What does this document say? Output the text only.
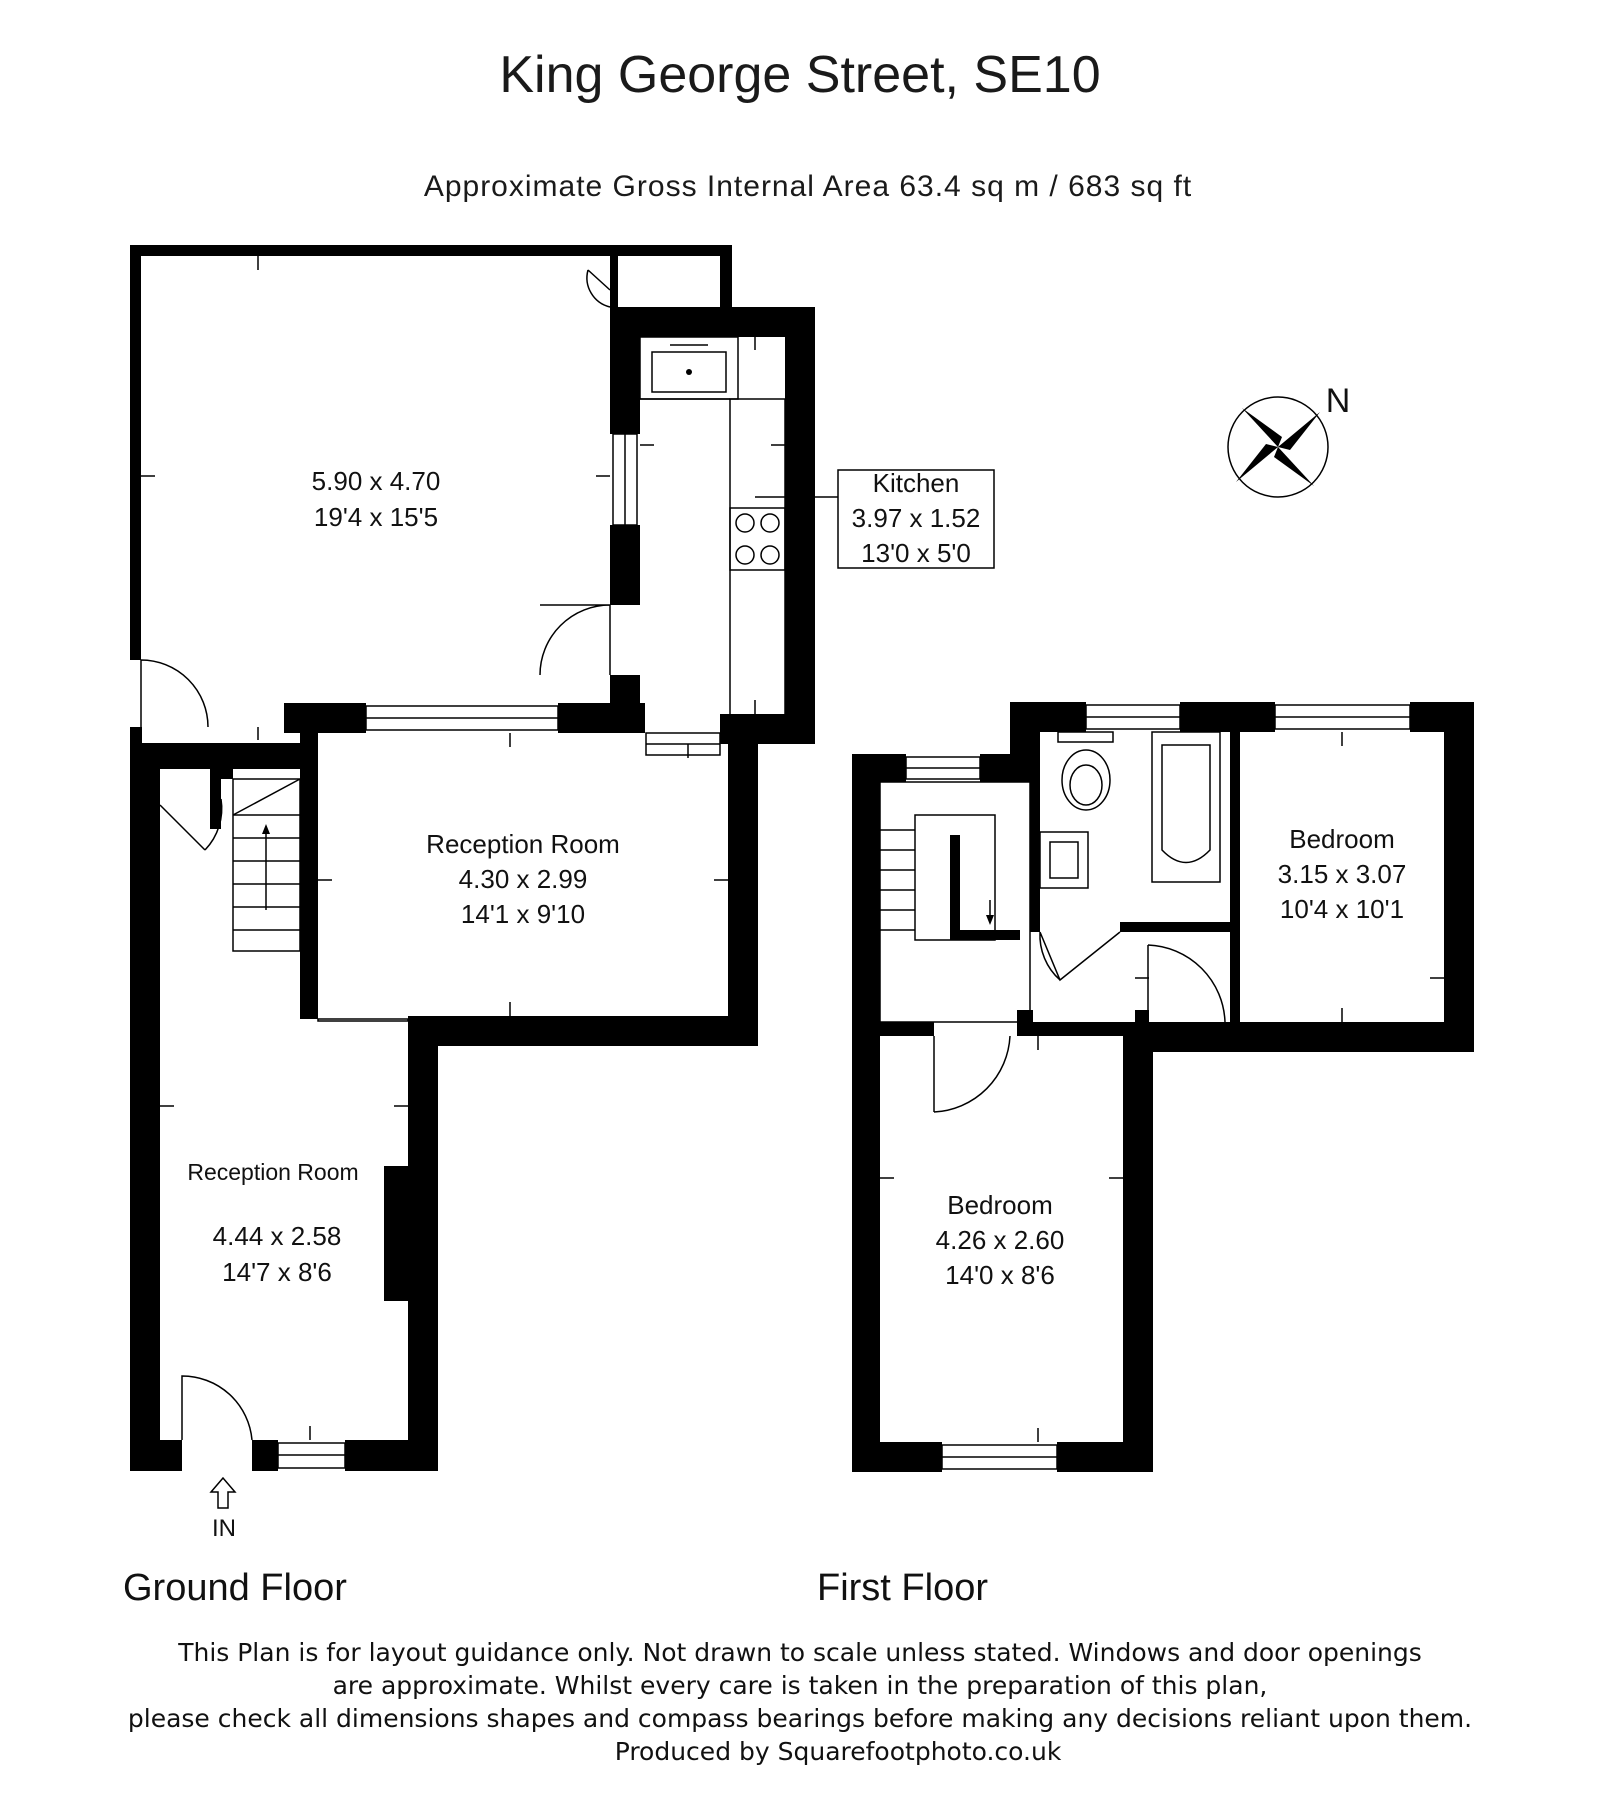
King George Street, SE10
Approximate Gross Internal Area 63.4 sq m / 683 sq ft
IN
5.90 x 4.70
19'4 x 15'5
Kitchen
3.97 x 1.52
13'0 x 5'0
Reception Room
4.30 x 2.99
14'1 x 9'10
Reception Room
4.44 x 2.58
14'7 x 8'6
Bedroom
3.15 x 3.07
10'4 x 10'1
Bedroom
4.26 x 2.60
14'0 x 8'6
N
Ground Floor	First Floor
This Plan is for layout guidance only. Not drawn to scale unless stated. Windows and door openings
are approximate. Whilst every care is taken in the preparation of this plan,
please check all dimensions shapes and compass bearings before making any decisions reliant upon them.
Produced by Squarefootphoto.co.uk
